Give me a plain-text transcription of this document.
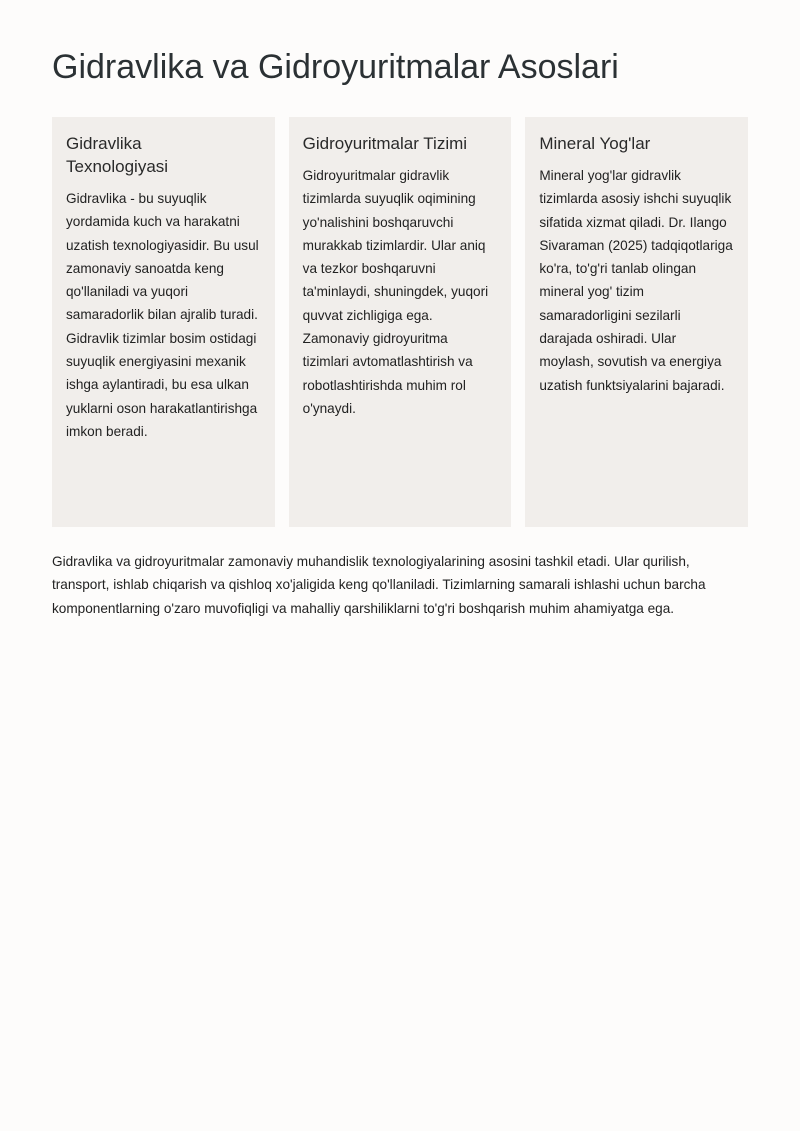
Gidravlika va Gidroyuritmalar Asoslari
Gidravlika Texnologiyasi

Gidravlika - bu suyuqlik yordamida kuch va harakatni uzatish texnologiyasidir. Bu usul zamonaviy sanoatda keng qo'llaniladi va yuqori samaradorlik bilan ajralib turadi. Gidravlik tizimlar bosim ostidagi suyuqlik energiyasini mexanik ishga aylantiradi, bu esa ulkan yuklarni oson harakatlantirishga imkon beradi.

Gidroyuritmalar Tizimi

Gidroyuritmalar gidravlik tizimlarda suyuqlik oqimining yo'nalishini boshqaruvchi murakkab tizimlardir. Ular aniq va tezkor boshqaruvni ta'minlaydi, shuningdek, yuqori quvvat zichligiga ega. Zamonaviy gidroyuritma tizimlari avtomatlashtirish va robotlashtirishda muhim rol o'ynaydi.

Mineral Yog'lar

Mineral yog'lar gidravlik tizimlarda asosiy ishchi suyuqlik sifatida xizmat qiladi. Dr. Ilango Sivaraman (2025) tadqiqotlariga ko'ra, to'g'ri tanlab olingan mineral yog' tizim samaradorligini sezilarli darajada oshiradi. Ular moylash, sovutish va energiya uzatish funktsiyalarini bajaradi.

Gidravlika va gidroyuritmalar zamonaviy muhandislik texnologiyalarining asosini tashkil etadi. Ular qurilish, transport, ishlab chiqarish va qishloq xo'jaligida keng qo'llaniladi. Tizimlarning samarali ishlashi uchun barcha komponentlarning o'zaro muvofiqligi va mahalliy qarshiliklarni to'g'ri boshqarish muhim ahamiyatga ega.
